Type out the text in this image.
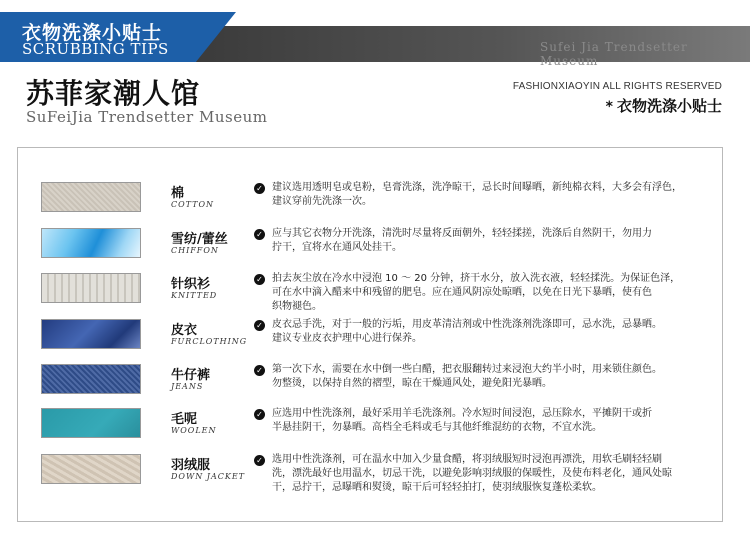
Sufei Jia Trendsetter Museum
衣物洗涤小贴士
SCRUBBING TIPS
苏菲家潮人馆
SuFeiJia Trendsetter Museum
FASHIONXIAOYIN ALL RIGHTS RESERVED
* 衣物洗涤小贴士
棉
COTTON
✓ 建议选用透明皂或皂粉，皂膏洗涤，洗净晾干，忌长时间曝晒，新纯棉衣料，大多会有浮色，
建议穿前先洗涤一次。
雪纺/蕾丝
CHIFFON
✓ 应与其它衣物分开洗涤，清洗时尽量将反面朝外，轻轻揉搓，洗涤后自然阴干，勿用力
拧干，宜将水在通风处挂干。
针织衫
KNITTED
✓ 拍去灰尘放在冷水中浸泡 10 ～ 20 分钟，挤干水分，放入洗衣液，轻轻揉洗。为保证色泽，
可在水中滴入醋来中和残留的肥皂。应在通风阴凉处晾晒，以免在日光下暴晒，使有色
织物褪色。
皮衣
FURCLOTHING
✓ 皮衣忌手洗，对于一般的污垢，用皮革清洁剂或中性洗涤剂洗涤即可，忌水洗，忌暴晒。
建议专业皮衣护理中心进行保养。
牛仔裤
JEANS
✓ 第一次下水，需要在水中倒一些白醋，把衣服翻转过来浸泡大约半小时，用来锁住颜色。
勿整烫，以保持自然的褶型，晾在干燥通风处，避免阳光暴晒。
毛呢
WOOLEN
✓ 应选用中性洗涤剂，最好采用羊毛洗涤剂。冷水短时间浸泡，忌压除水，平摊阴干或折
半悬挂阴干，勿暴晒。高档全毛料或毛与其他纤维混纺的衣物，不宜水洗。
羽绒服
DOWN JACKET
✓ 选用中性洗涤剂，可在温水中加入少量食醋，将羽绒服短时浸泡再漂洗，用软毛刷轻轻刷
洗，漂洗最好也用温水，切忌干洗，以避免影响羽绒服的保暖性，及使布料老化，通风处晾
干，忌拧干，忌曝晒和熨烫，晾干后可轻轻拍打，使羽绒服恢复蓬松柔软。
